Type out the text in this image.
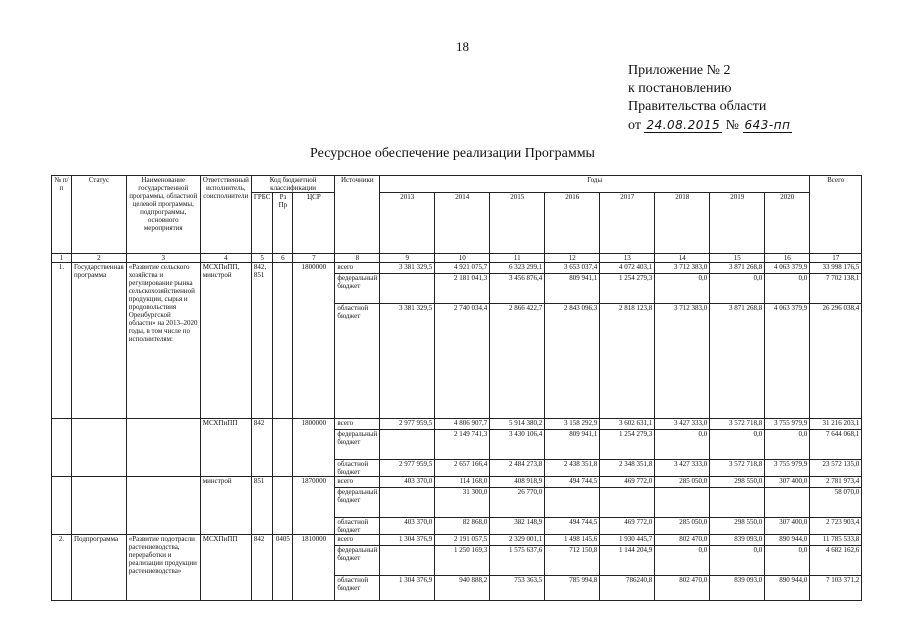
18
Приложение № 2
к постановлению
Правительства области
от 24.08.2015 № 643-пп
Ресурсное обеспечение реализации Программы
№ п/п	Статус	Наименование государственной программы, областной целевой программы, подпрограммы, основного мероприятия	Ответственный исполнитель, соисполнители	Код бюджетной классификации			Источники	Годы								Всего
				ГРБС	Рз Пр	ЦСР		2013	2014	2015	2016	2017	2018	2019	2020	
1	2	3	4	5	6	7	8	9	10	11	12	13	14	15	16	17
1.	Государственная программа	«Развитие сельского хозяйства и регулирование рынка сельскохозяйственной продукции, сырья и продовольствия Оренбургской области» на 2013–2020 годы, в том числе по исполнителям:	МСХПиПП, минстрой	842, 851		1800000	всего	3 381 329,5	4 921 075,7	6 323 299,1	3 653 037,4	4 072 403,1	3 712 383,0	3 871 268,8	4 063 379,9	33 998 176,5
							федеральный бюджет		2 181 041,3	3 456 876,4	809 941,1	1 254 279,3	0,0	0,0	0,0	7 702 138,1
							областной бюджет	3 381 329,5	2 740 034,4	2 866 422,7	2 843 096,3	2 818 123,8	3 712 383,0	3 871 268,8	4 063 379,9	26 296 038,4
			МСХПиПП	842		1800000	всего	2 977 959,5	4 806 907,7	5 914 380,2	3 158 292,9	3 602 631,1	3 427 333,0	3 572 718,8	3 755 979,9	31 216 203,1
							федеральный бюджет		2 149 741,3	3 430 106,4	809 941,1	1 254 279,3	0,0	0,0	0,0	7 644 068,1
							областной бюджет	2 977 959,5	2 657 166,4	2 484 273,8	2 438 351,8	2 348 351,8	3 427 333,0	3 572 718,8	3 755 979,9	23 572 135,0
			минстрой	851		1870000	всего	403 370,0	114 168,0	408 918,9	494 744,5	469 772,0	285 050,0	298 550,0	307 400,0	2 781 973,4
							федеральный бюджет		31 300,0	26 770,0						58 070,0
							областной бюджет	403 370,0	82 868,0	382 148,9	494 744,5	469 772,0	285 050,0	298 550,0	307 400,0	2 723 903,4
2.	Подпрограмма	«Развитие подотрасли растениеводства, переработки и реализации продукции растениеводства»	МСХПиПП	842	0405	1810000	всего	1 304 376,9	2 191 057,5	2 329 001,1	1 498 145,6	1 930 445,7	802 470,0	839 093,0	890 944,0	11 785 533,8
							федеральный бюджет		1 250 169,3	1 575 637,6	712 150,8	1 144 204,9	0,0	0,0	0,0	4 682 162,6
							областной бюджет	1 304 376,9	940 888,2	753 363,5	785 994,8	786240,8	802 470,0	839 093,0	890 944,0	7 103 371,2
